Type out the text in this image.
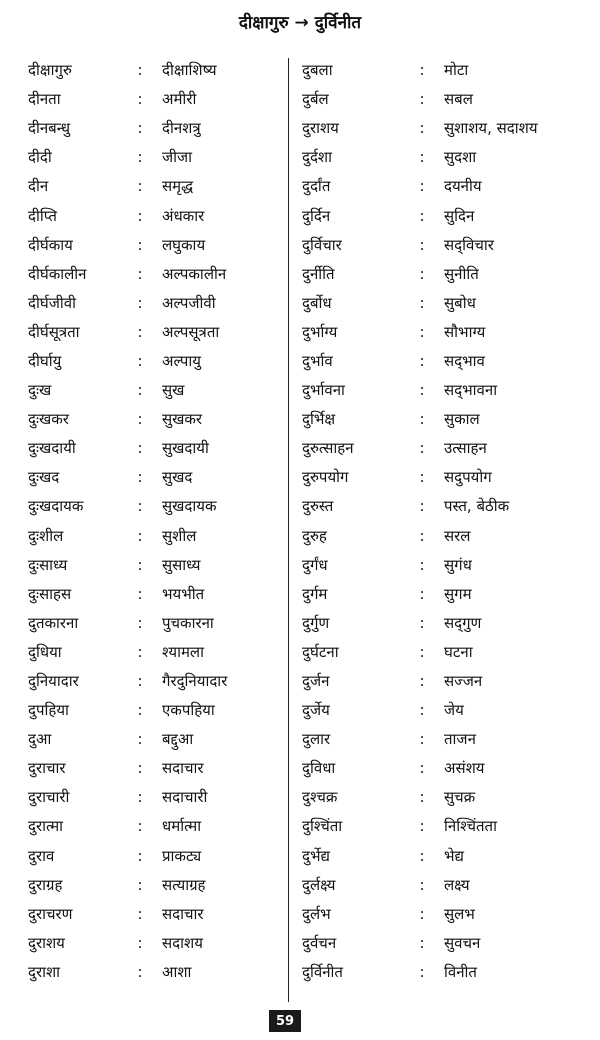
दीक्षागुरु → दुर्विनीत
दीक्षागुरु	:	दीक्षाशिष्य
दीनता	:	अमीरी
दीनबन्धु	:	दीनशत्रु
दीदी	:	जीजा
दीन	:	समृद्ध
दीप्ति	:	अंधकार
दीर्घकाय	:	लघुकाय
दीर्घकालीन	:	अल्पकालीन
दीर्घजीवी	:	अल्पजीवी
दीर्घसूत्रता	:	अल्पसूत्रता
दीर्घायु	:	अल्पायु
दुःख	:	सुख
दुःखकर	:	सुखकर
दुःखदायी	:	सुखदायी
दुःखद	:	सुखद
दुःखदायक	:	सुखदायक
दुःशील	:	सुशील
दुःसाध्य	:	सुसाध्य
दुःसाहस	:	भयभीत
दुतकारना	:	पुचकारना
दुधिया	:	श्यामला
दुनियादार	:	गैरदुनियादार
दुपहिया	:	एकपहिया
दुआ	:	बद्दुआ
दुराचार	:	सदाचार
दुराचारी	:	सदाचारी
दुरात्मा	:	धर्मात्मा
दुराव	:	प्राकट्य
दुराग्रह	:	सत्याग्रह
दुराचरण	:	सदाचार
दुराशय	:	सदाशय
दुराशा	:	आशा
दुबला	:	मोटा
दुर्बल	:	सबल
दुराशय	:	सुशाशय, सदाशय
दुर्दशा	:	सुदशा
दुर्दांत	:	दयनीय
दुर्दिन	:	सुदिन
दुर्विचार	:	सद्‌विचार
दुर्नीति	:	सुनीति
दुर्बोध	:	सुबोध
दुर्भाग्य	:	सौभाग्य
दुर्भाव	:	सद्‌भाव
दुर्भावना	:	सद्‌भावना
दुर्भिक्ष	:	सुकाल
दुरुत्साहन	:	उत्साहन
दुरुपयोग	:	सदुपयोग
दुरुस्त	:	पस्त, बेठीक
दुरुह	:	सरल
दुर्गंध	:	सुगंध
दुर्गम	:	सुगम
दुर्गुण	:	सद्‌गुण
दुर्घटना	:	घटना
दुर्जन	:	सज्जन
दुर्जेय	:	जेय
दुलार	:	ताजन
दुविधा	:	असंशय
दुश्चक्र	:	सुचक्र
दुश्चिंता	:	निश्चिंतता
दुर्भेद्य	:	भेद्य
दुर्लक्ष्य	:	लक्ष्य
दुर्लभ	:	सुलभ
दुर्वचन	:	सुवचन
दुर्विनीत	:	विनीत
59
